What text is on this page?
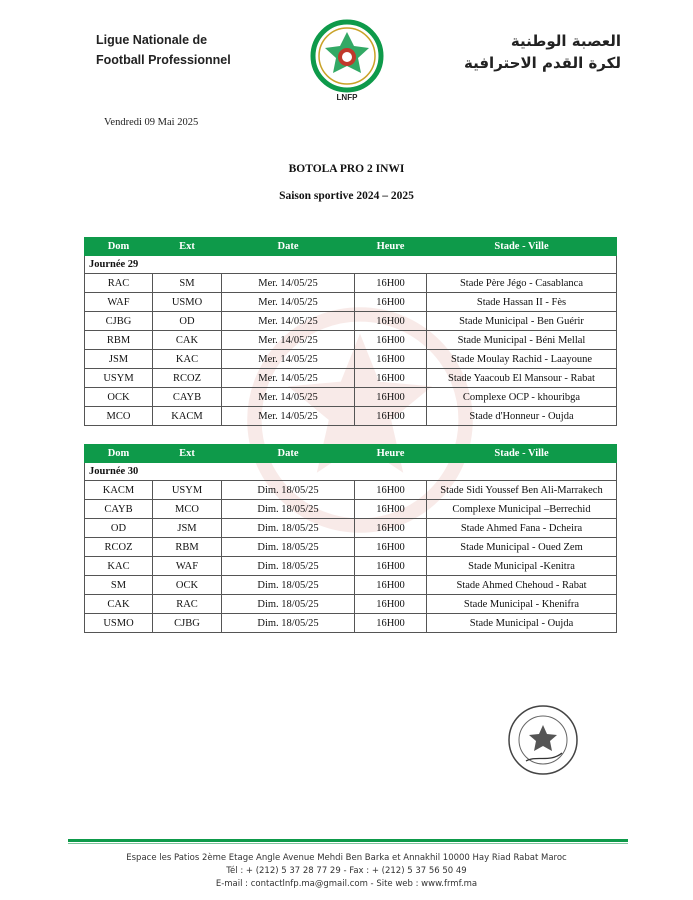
Ligue Nationale de
Football Professionnel
LNFP
العصبة الوطنية
لكرة القدم الاحترافية
Vendredi 09 Mai 2025
BOTOLA PRO 2 INWI
Saison sportive 2024 – 2025
Dom	Ext	Date	Heure	Stade - Ville
Journée 29				
RAC	SM	Mer. 14/05/25	16H00	Stade Père Jégo - Casablanca
WAF	USMO	Mer. 14/05/25	16H00	Stade Hassan II - Fès
CJBG	OD	Mer. 14/05/25	16H00	Stade Municipal - Ben Guérir
RBM	CAK	Mer. 14/05/25	16H00	Stade Municipal - Béni Mellal
JSM	KAC	Mer. 14/05/25	16H00	Stade Moulay Rachid - Laayoune
USYM	RCOZ	Mer. 14/05/25	16H00	Stade Yaacoub El Mansour - Rabat
OCK	CAYB	Mer. 14/05/25	16H00	Complexe OCP - khouribga
MCO	KACM	Mer. 14/05/25	16H00	Stade d'Honneur - Oujda
Dom	Ext	Date	Heure	Stade - Ville
Journée 30				
KACM	USYM	Dim. 18/05/25	16H00	Stade Sidi Youssef Ben Ali-Marrakech
CAYB	MCO	Dim. 18/05/25	16H00	Complexe Municipal –Berrechid
OD	JSM	Dim. 18/05/25	16H00	Stade Ahmed Fana - Dcheira
RCOZ	RBM	Dim. 18/05/25	16H00	Stade Municipal - Oued Zem
KAC	WAF	Dim. 18/05/25	16H00	Stade Municipal -Kenitra
SM	OCK	Dim. 18/05/25	16H00	Stade Ahmed Chehoud - Rabat
CAK	RAC	Dim. 18/05/25	16H00	Stade Municipal - Khenifra
USMO	CJBG	Dim. 18/05/25	16H00	Stade Municipal - Oujda
Espace les Patios 2ème Etage Angle Avenue Mehdi Ben Barka et Annakhil 10000 Hay Riad Rabat Maroc
Tél : + (212) 5 37 28 77 29 - Fax : + (212) 5 37 56 50 49
E-mail : contactlnfp.ma@gmail.com - Site web : www.frmf.ma
